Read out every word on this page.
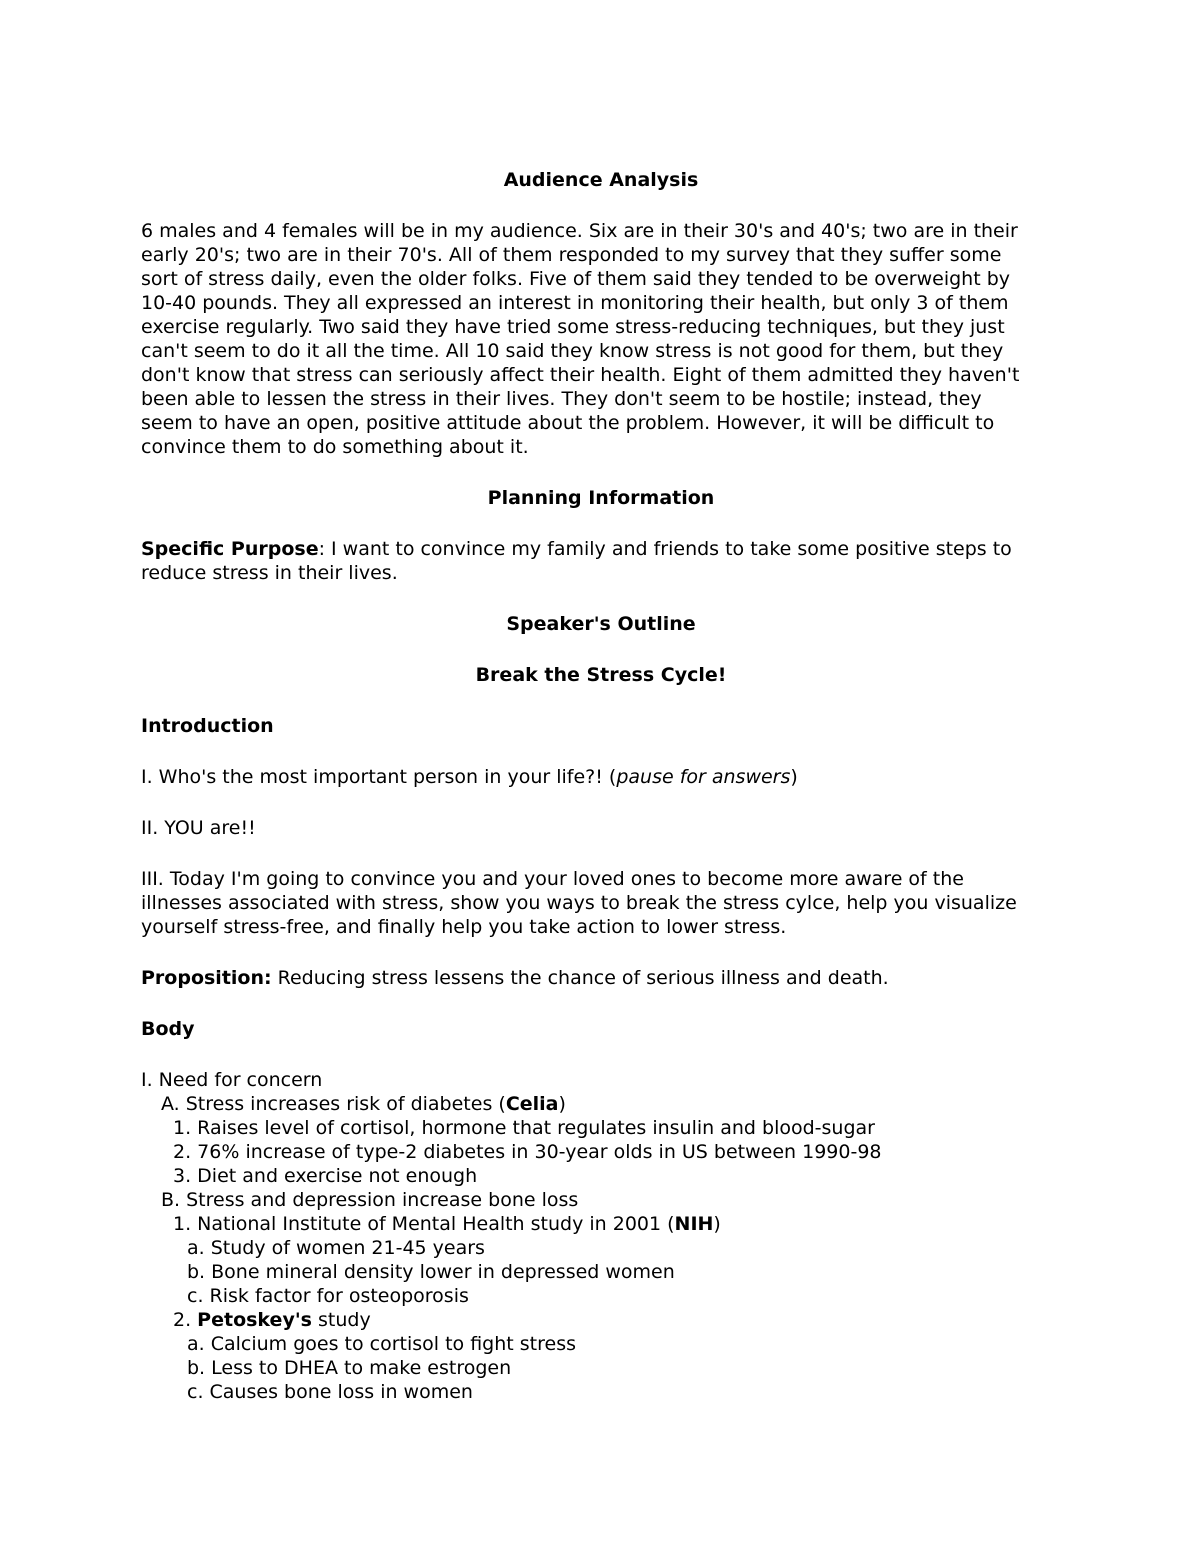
Audience Analysis
6 males and 4 females will be in my audience. Six are in their 30's and 40's; two are in their
early 20's; two are in their 70's. All of them responded to my survey that they suffer some
sort of stress daily, even the older folks. Five of them said they tended to be overweight by
10-40 pounds. They all expressed an interest in monitoring their health, but only 3 of them
exercise regularly. Two said they have tried some stress-reducing techniques, but they just
can't seem to do it all the time. All 10 said they know stress is not good for them, but they
don't know that stress can seriously affect their health. Eight of them admitted they haven't
been able to lessen the stress in their lives. They don't seem to be hostile; instead, they
seem to have an open, positive attitude about the problem. However, it will be difficult to
convince them to do something about it.
Planning Information
Specific Purpose: I want to convince my family and friends to take some positive steps to
reduce stress in their lives.
Speaker's Outline
Break the Stress Cycle!
Introduction
I. Who's the most important person in your life?! (pause for answers)
II. YOU are!!
III. Today I'm going to convince you and your loved ones to become more aware of the
illnesses associated with stress, show you ways to break the stress cylce, help you visualize
yourself stress-free, and finally help you take action to lower stress.
Proposition: Reducing stress lessens the chance of serious illness and death.
Body
I. Need for concern
A. Stress increases risk of diabetes (Celia)
1. Raises level of cortisol, hormone that regulates insulin and blood-sugar
2. 76% increase of type-2 diabetes in 30-year olds in US between 1990-98
3. Diet and exercise not enough
B. Stress and depression increase bone loss
1. National Institute of Mental Health study in 2001 (NIH)
a. Study of women 21-45 years
b. Bone mineral density lower in depressed women
c. Risk factor for osteoporosis
2. Petoskey's study
a. Calcium goes to cortisol to fight stress
b. Less to DHEA to make estrogen
c. Causes bone loss in women
